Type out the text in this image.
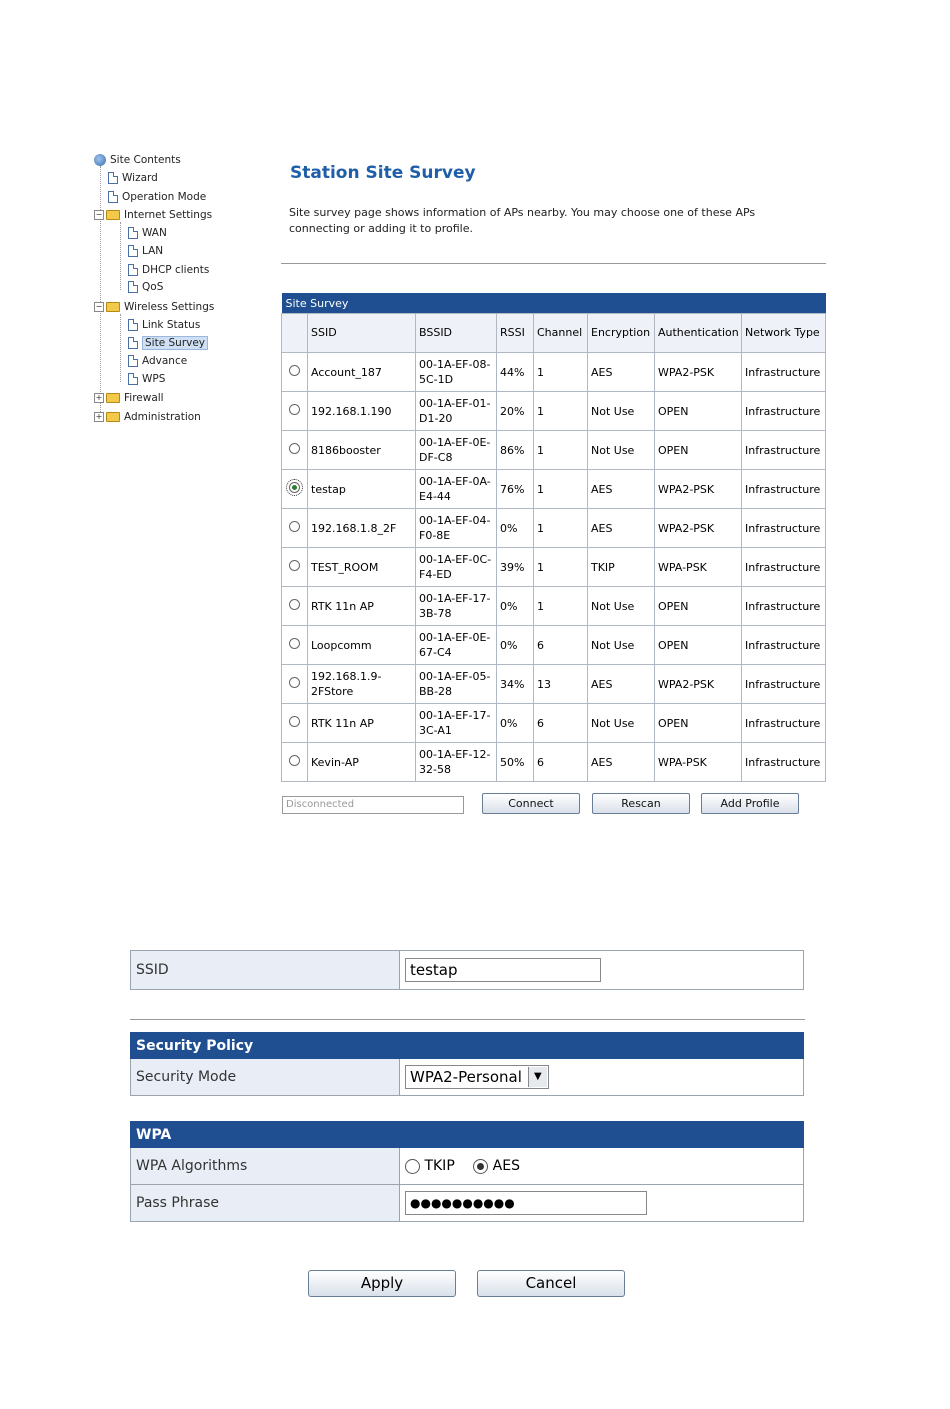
Site Contents
Wizard
Operation Mode
− Internet Settings
WAN
LAN
DHCP clients
QoS
− Wireless Settings
Link Status
Site Survey
Advance
WPS
+ Firewall
+ Administration
Station Site Survey
Site survey page shows information of APs nearby. You may choose one of these APs connecting or adding it to profile.
Site Survey							
	SSID	BSSID	RSSI	Channel	Encryption	Authentication	Network Type
	Account_187	00-1A-EF-08-5C-1D	44%	1	AES	WPA2-PSK	Infrastructure
	192.168.1.190	00-1A-EF-01-D1-20	20%	1	Not Use	OPEN	Infrastructure
	8186booster	00-1A-EF-0E-DF-C8	86%	1	Not Use	OPEN	Infrastructure
	testap	00-1A-EF-0A-E4-44	76%	1	AES	WPA2-PSK	Infrastructure
	192.168.1.8_2F	00-1A-EF-04-F0-8E	0%	1	AES	WPA2-PSK	Infrastructure
	TEST_ROOM	00-1A-EF-0C-F4-ED	39%	1	TKIP	WPA-PSK	Infrastructure
	RTK 11n AP	00-1A-EF-17-3B-78	0%	1	Not Use	OPEN	Infrastructure
	Loopcomm	00-1A-EF-0E-67-C4	0%	6	Not Use	OPEN	Infrastructure
	192.168.1.9-2FStore	00-1A-EF-05-BB-28	34%	13	AES	WPA2-PSK	Infrastructure
	RTK 11n AP	00-1A-EF-17-3C-A1	0%	6	Not Use	OPEN	Infrastructure
	Kevin-AP	00-1A-EF-12-32-58	50%	6	AES	WPA-PSK	Infrastructure
Disconnected	Connect	Rescan	Add Profile
SSID	testap
Security Policy
Security Mode	WPA2-Personal	▼
WPA	
WPA Algorithms	TKIP AES
Pass Phrase	●●●●●●●●●●
Apply	Cancel
